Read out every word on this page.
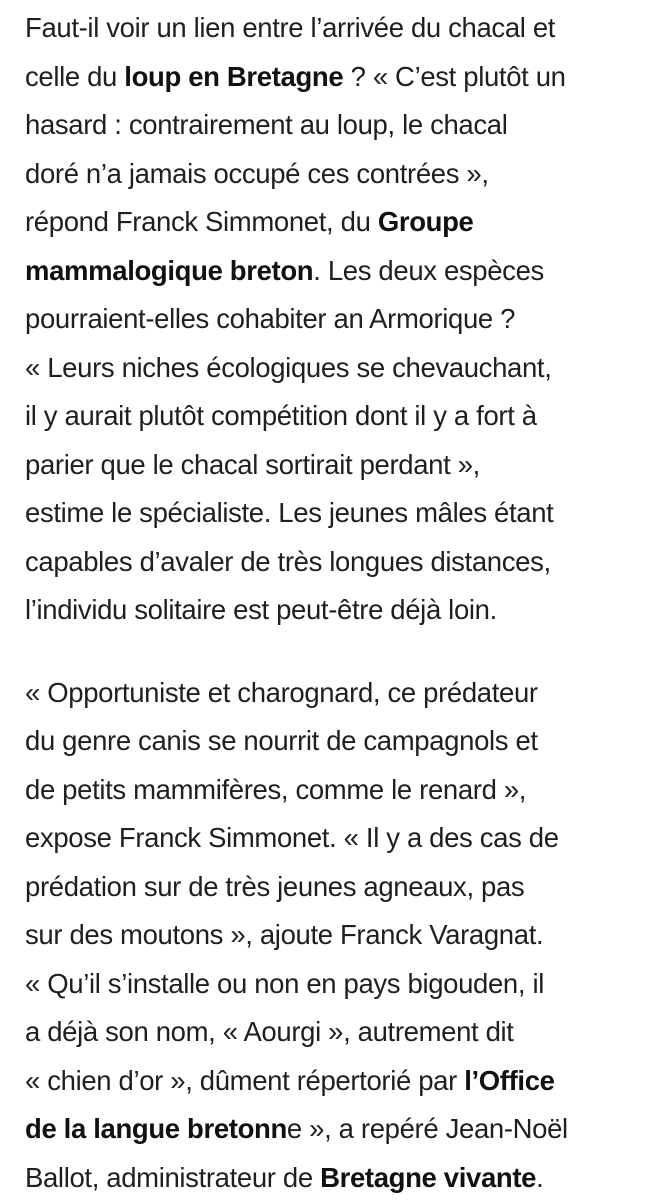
Faut-il voir un lien entre l’arrivée du chacal et
celle du loup en Bretagne ? « C’est plutôt un
hasard : contrairement au loup, le chacal
doré n’a jamais occupé ces contrées »,
répond Franck Simmonet, du Groupe
mammalogique breton. Les deux espèces
pourraient-elles cohabiter an Armorique ?
« Leurs niches écologiques se chevauchant,
il y aurait plutôt compétition dont il y a fort à
parier que le chacal sortirait perdant »,
estime le spécialiste. Les jeunes mâles étant
capables d’avaler de très longues distances,
l’individu solitaire est peut-être déjà loin.

« Opportuniste et charognard, ce prédateur
du genre canis se nourrit de campagnols et
de petits mammifères, comme le renard »,
expose Franck Simmonet. « Il y a des cas de
prédation sur de très jeunes agneaux, pas
sur des moutons », ajoute Franck Varagnat.
« Qu’il s’installe ou non en pays bigouden, il
a déjà son nom, « Aourgi », autrement dit
« chien d’or », dûment répertorié par l’Office
de la langue bretonne », a repéré Jean-Noël
Ballot, administrateur de Bretagne vivante.
